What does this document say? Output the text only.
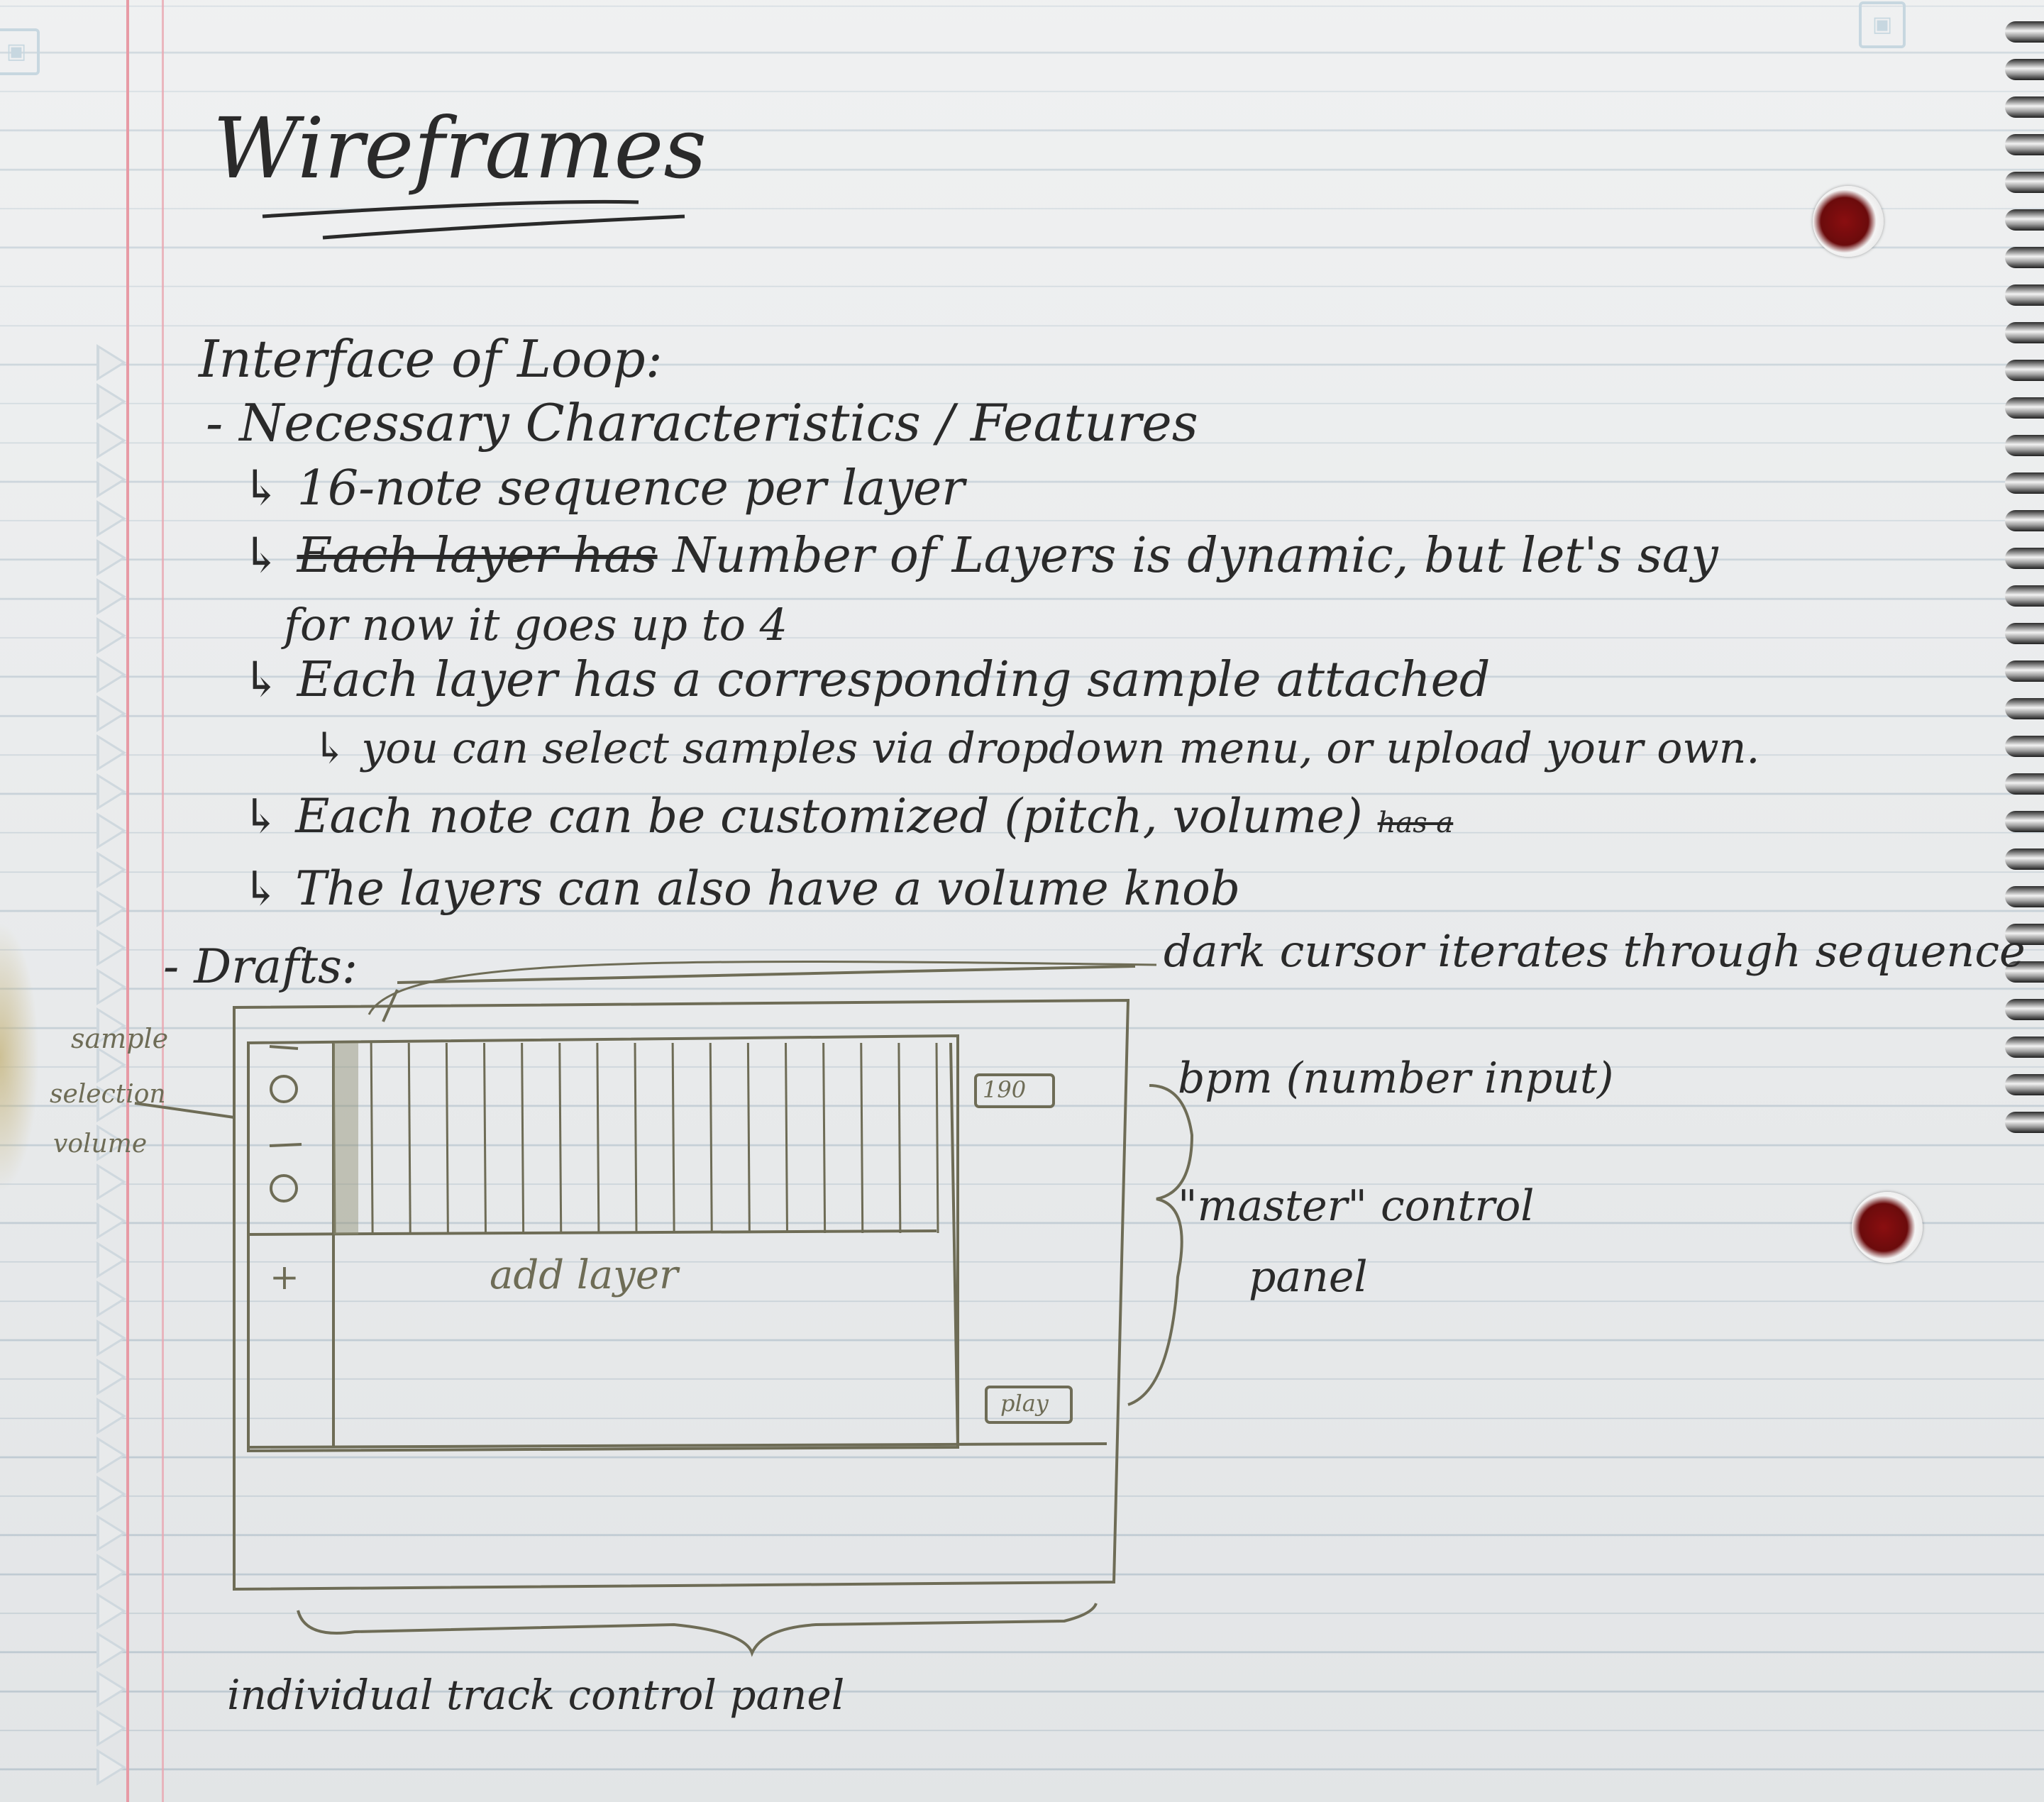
▣
▣
Wireframes
Interface of Loop:
- Necessary Characteristics / Features
↳ 16-note sequence per layer
↳ Each layer has Number of Layers is dynamic, but let's say
for now it goes up to 4
↳ Each layer has a corresponding sample attached
↳ you can select samples via dropdown menu, or upload your own.
↳ Each note can be customized (pitch, volume) has a
↳ The layers can also have a volume knob
- Drafts:	dark cursor iterates through sequence
190
play
add layer
+
sample
selection
volume
bpm (number input)
"master" control
panel
individual track control panel
